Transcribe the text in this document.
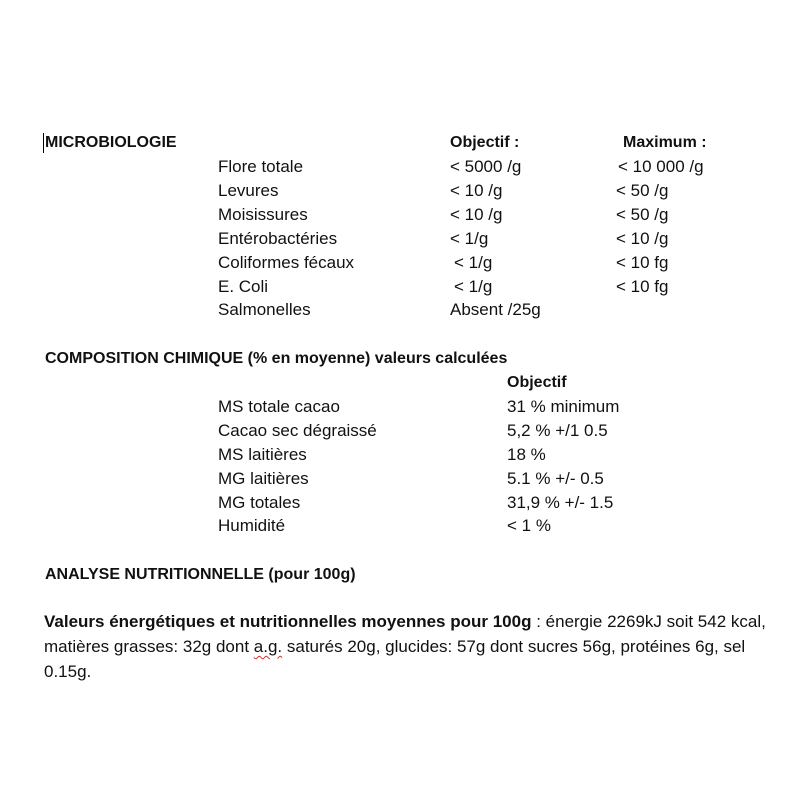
MICROBIOLOGIE	Objectif :	Maximum :
Flore totale	< 5000 /g	< 10 000 /g
Levures	< 10 /g	< 50 /g
Moisissures	< 10 /g	< 50 /g
Entérobactéries	< 1/g	< 10 /g
Coliformes fécaux	< 1/g	< 10 fg
E. Coli	< 1/g	< 10 fg
Salmonelles	Absent /25g
COMPOSITION CHIMIQUE (% en moyenne) valeurs calculées
Objectif
MS totale cacao	31 % minimum
Cacao sec dégraissé	5,2 % +/1 0.5
MS laitières	18 %
MG laitières	5.1 % +/- 0.5
MG totales	31,9 % +/- 1.5
Humidité	< 1 %
ANALYSE NUTRITIONNELLE (pour 100g)
Valeurs énergétiques et nutritionnelles moyennes pour 100g : énergie 2269kJ soit 542 kcal, matières grasses: 32g dont a.g. saturés 20g, glucides: 57g dont sucres 56g, protéines 6g, sel 0.15g.
